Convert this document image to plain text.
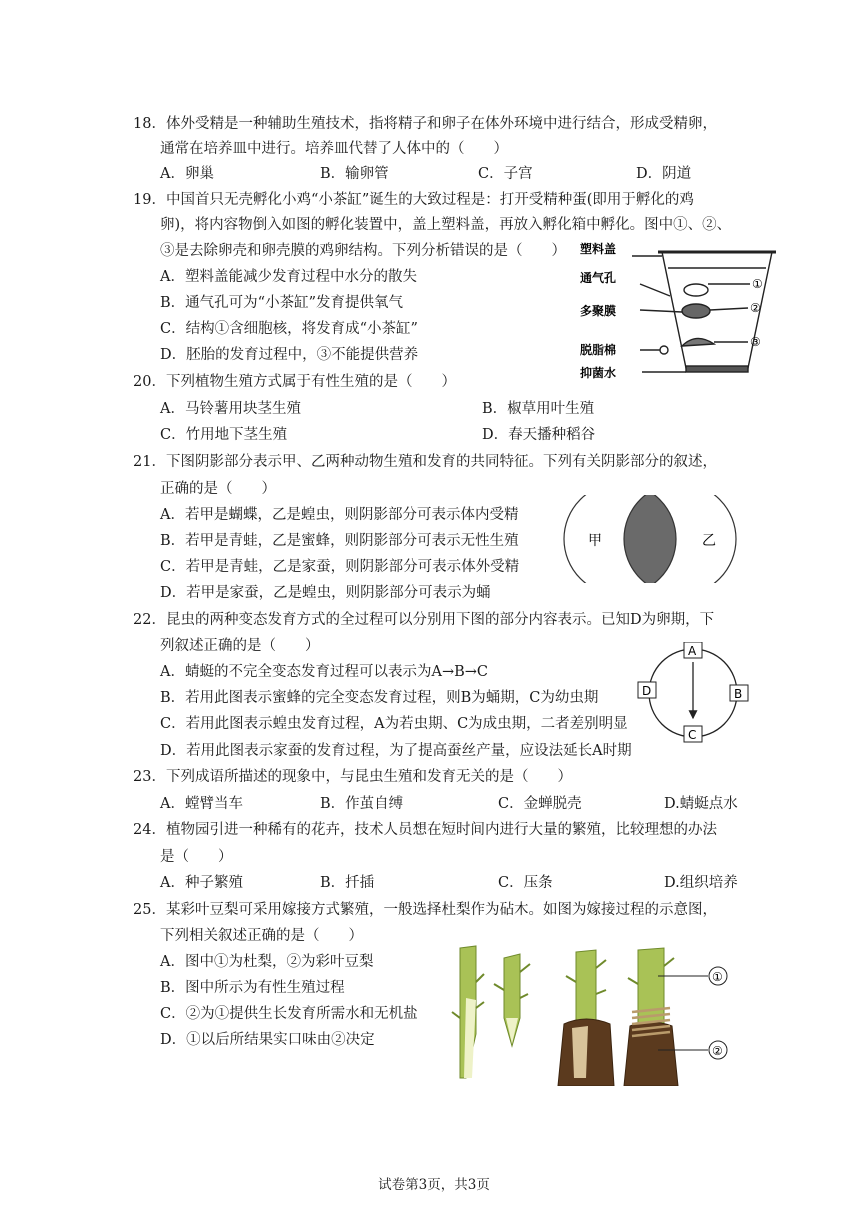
18．体外受精是一种辅助生殖技术，指将精子和卵子在体外环境中进行结合，形成受精卵，
通常在培养皿中进行。培养皿代替了人体中的（　　）
A．卵巢	B．输卵管	C．子宫	D．阴道
19．中国首只无壳孵化小鸡“小茶缸”诞生的大致过程是：打开受精种蛋(即用于孵化的鸡
卵)，将内容物倒入如图的孵化装置中，盖上塑料盖，再放入孵化箱中孵化。图中①、②、
③是去除卵壳和卵壳膜的鸡卵结构。下列分析错误的是（　　）
A．塑料盖能减少发育过程中水分的散失
B．通气孔可为“小茶缸”发育提供氧气
C．结构①含细胞核，将发育成“小茶缸”
D．胚胎的发育过程中，③不能提供营养
塑料盖
通气孔
多聚膜
脱脂棉
抑菌水
①
②
③
20．下列植物生殖方式属于有性生殖的是（　　）
A．马铃薯用块茎生殖	B．椒草用叶生殖
C．竹用地下茎生殖	D．春天播种稻谷
21．下图阴影部分表示甲、乙两种动物生殖和发育的共同特征。下列有关阴影部分的叙述，
正确的是（　　）
A．若甲是蝴蝶，乙是蝗虫，则阴影部分可表示体内受精
B．若甲是青蛙，乙是蜜蜂，则阴影部分可表示无性生殖
C．若甲是青蛙，乙是家蚕，则阴影部分可表示体外受精
D．若甲是家蚕，乙是蝗虫，则阴影部分可表示为蛹
甲	乙
22．昆虫的两种变态发育方式的全过程可以分别用下图的部分内容表示。已知D为卵期，下
列叙述正确的是（　　）
A．蜻蜓的不完全变态发育过程可以表示为A→B→C
B．若用此图表示蜜蜂的完全变态发育过程，则B为蛹期，C为幼虫期
C．若用此图表示蝗虫发育过程，A为若虫期、C为成虫期，二者差别明显
D．若用此图表示家蚕的发育过程，为了提高蚕丝产量，应设法延长A时期
A
B
C
D
23．下列成语所描述的现象中，与昆虫生殖和发育无关的是（　　）
A．螳臂当车	B．作茧自缚	C．金蝉脱壳	D.蜻蜓点水
24．植物园引进一种稀有的花卉，技术人员想在短时间内进行大量的繁殖，比较理想的办法
是（　　）
A．种子繁殖	B．扦插	C．压条	D.组织培养
25．某彩叶豆梨可采用嫁接方式繁殖，一般选择杜梨作为砧木。如图为嫁接过程的示意图，
下列相关叙述正确的是（　　）
A．图中①为杜梨，②为彩叶豆梨
B．图中所示为有性生殖过程
C．②为①提供生长发育所需水和无机盐
D．①以后所结果实口味由②决定
①
②
试卷第3页，共3页
